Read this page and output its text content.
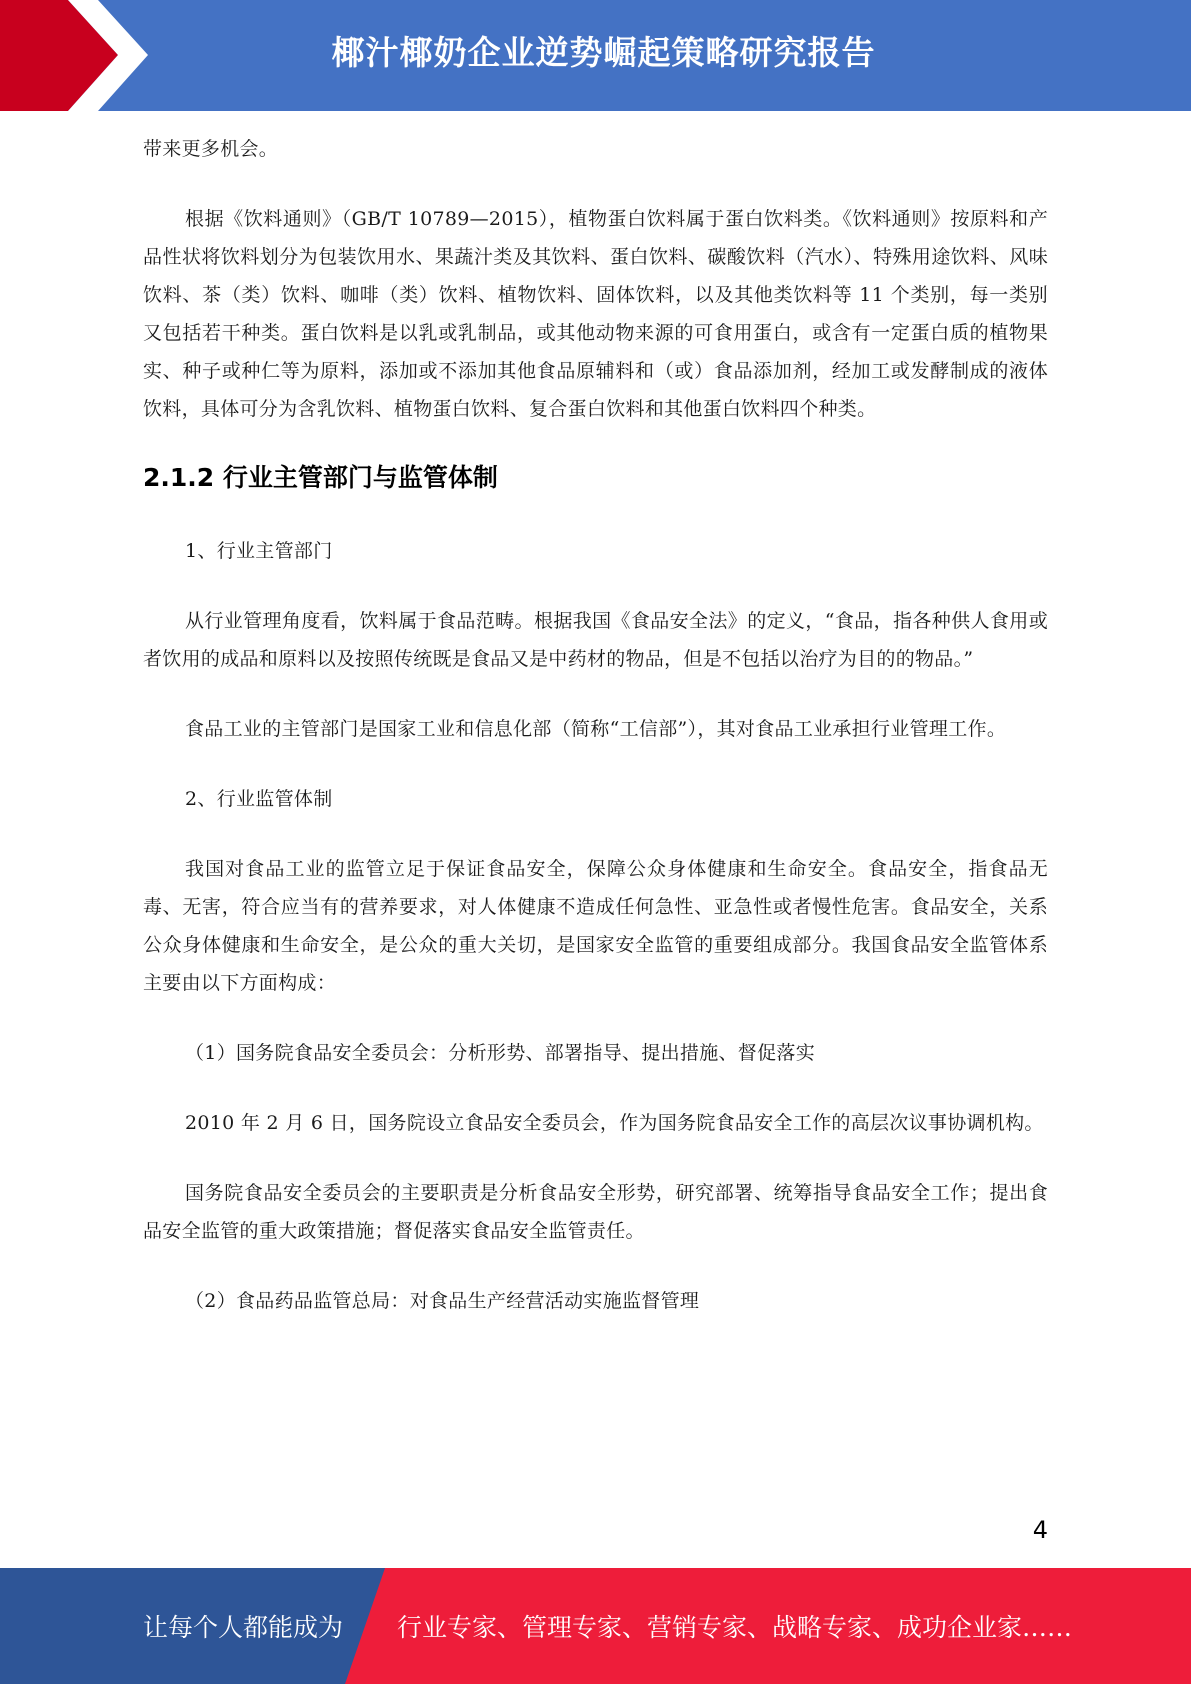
椰汁椰奶企业逆势崛起策略研究报告

带来更多机会。

根据《饮料通则》（GB/T 10789—2015），植物蛋白饮料属于蛋白饮料类。《饮料通则》按原料和产品性状将饮料划分为包装饮用水、果蔬汁类及其饮料、蛋白饮料、碳酸饮料（汽水）、特殊用途饮料、风味饮料、茶（类）饮料、咖啡（类）饮料、植物饮料、固体饮料，以及其他类饮料等 11 个类别，每一类别又包括若干种类。蛋白饮料是以乳或乳制品，或其他动物来源的可食用蛋白，或含有一定蛋白质的植物果实、种子或种仁等为原料，添加或不添加其他食品原辅料和（或）食品添加剂，经加工或发酵制成的液体饮料，具体可分为含乳饮料、植物蛋白饮料、复合蛋白饮料和其他蛋白饮料四个种类。

2.1.2 行业主管部门与监管体制

1、行业主管部门

从行业管理角度看，饮料属于食品范畴。根据我国《食品安全法》的定义，“食品，指各种供人食用或者饮用的成品和原料以及按照传统既是食品又是中药材的物品，但是不包括以治疗为目的的物品。”

食品工业的主管部门是国家工业和信息化部（简称“工信部”），其对食品工业承担行业管理工作。

2、行业监管体制

我国对食品工业的监管立足于保证食品安全，保障公众身体健康和生命安全。食品安全，指食品无毒、无害，符合应当有的营养要求，对人体健康不造成任何急性、亚急性或者慢性危害。食品安全，关系公众身体健康和生命安全，是公众的重大关切，是国家安全监管的重要组成部分。我国食品安全监管体系主要由以下方面构成：

（1）国务院食品安全委员会：分析形势、部署指导、提出措施、督促落实

2010 年 2 月 6 日，国务院设立食品安全委员会，作为国务院食品安全工作的高层次议事协调机构。

国务院食品安全委员会的主要职责是分析食品安全形势，研究部署、统筹指导食品安全工作；提出食品安全监管的重大政策措施；督促落实食品安全监管责任。

（2）食品药品监管总局：对食品生产经营活动实施监督管理

4
让每个人都能成为 行业专家、管理专家、营销专家、战略专家、成功企业家……
